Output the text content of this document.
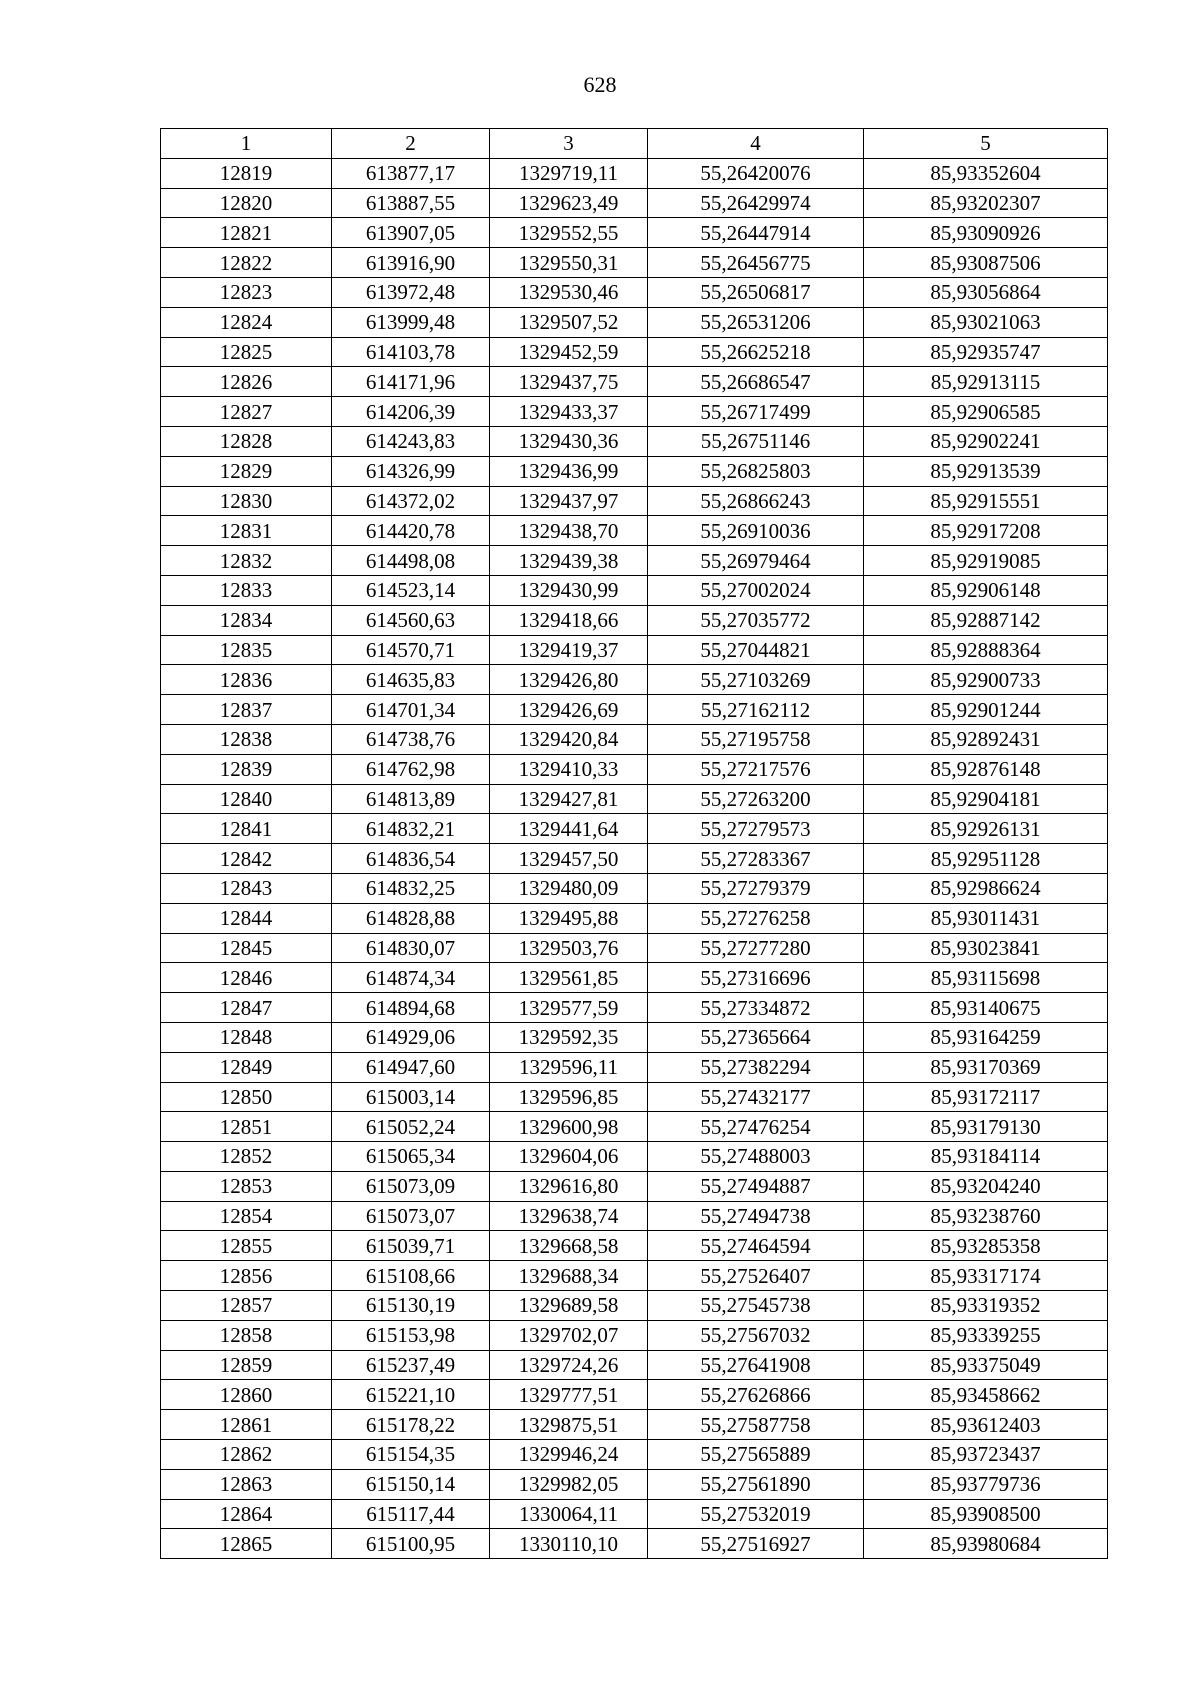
628
1	2	3	4	5
12819	613877,17	1329719,11	55,26420076	85,93352604
12820	613887,55	1329623,49	55,26429974	85,93202307
12821	613907,05	1329552,55	55,26447914	85,93090926
12822	613916,90	1329550,31	55,26456775	85,93087506
12823	613972,48	1329530,46	55,26506817	85,93056864
12824	613999,48	1329507,52	55,26531206	85,93021063
12825	614103,78	1329452,59	55,26625218	85,92935747
12826	614171,96	1329437,75	55,26686547	85,92913115
12827	614206,39	1329433,37	55,26717499	85,92906585
12828	614243,83	1329430,36	55,26751146	85,92902241
12829	614326,99	1329436,99	55,26825803	85,92913539
12830	614372,02	1329437,97	55,26866243	85,92915551
12831	614420,78	1329438,70	55,26910036	85,92917208
12832	614498,08	1329439,38	55,26979464	85,92919085
12833	614523,14	1329430,99	55,27002024	85,92906148
12834	614560,63	1329418,66	55,27035772	85,92887142
12835	614570,71	1329419,37	55,27044821	85,92888364
12836	614635,83	1329426,80	55,27103269	85,92900733
12837	614701,34	1329426,69	55,27162112	85,92901244
12838	614738,76	1329420,84	55,27195758	85,92892431
12839	614762,98	1329410,33	55,27217576	85,92876148
12840	614813,89	1329427,81	55,27263200	85,92904181
12841	614832,21	1329441,64	55,27279573	85,92926131
12842	614836,54	1329457,50	55,27283367	85,92951128
12843	614832,25	1329480,09	55,27279379	85,92986624
12844	614828,88	1329495,88	55,27276258	85,93011431
12845	614830,07	1329503,76	55,27277280	85,93023841
12846	614874,34	1329561,85	55,27316696	85,93115698
12847	614894,68	1329577,59	55,27334872	85,93140675
12848	614929,06	1329592,35	55,27365664	85,93164259
12849	614947,60	1329596,11	55,27382294	85,93170369
12850	615003,14	1329596,85	55,27432177	85,93172117
12851	615052,24	1329600,98	55,27476254	85,93179130
12852	615065,34	1329604,06	55,27488003	85,93184114
12853	615073,09	1329616,80	55,27494887	85,93204240
12854	615073,07	1329638,74	55,27494738	85,93238760
12855	615039,71	1329668,58	55,27464594	85,93285358
12856	615108,66	1329688,34	55,27526407	85,93317174
12857	615130,19	1329689,58	55,27545738	85,93319352
12858	615153,98	1329702,07	55,27567032	85,93339255
12859	615237,49	1329724,26	55,27641908	85,93375049
12860	615221,10	1329777,51	55,27626866	85,93458662
12861	615178,22	1329875,51	55,27587758	85,93612403
12862	615154,35	1329946,24	55,27565889	85,93723437
12863	615150,14	1329982,05	55,27561890	85,93779736
12864	615117,44	1330064,11	55,27532019	85,93908500
12865	615100,95	1330110,10	55,27516927	85,93980684
